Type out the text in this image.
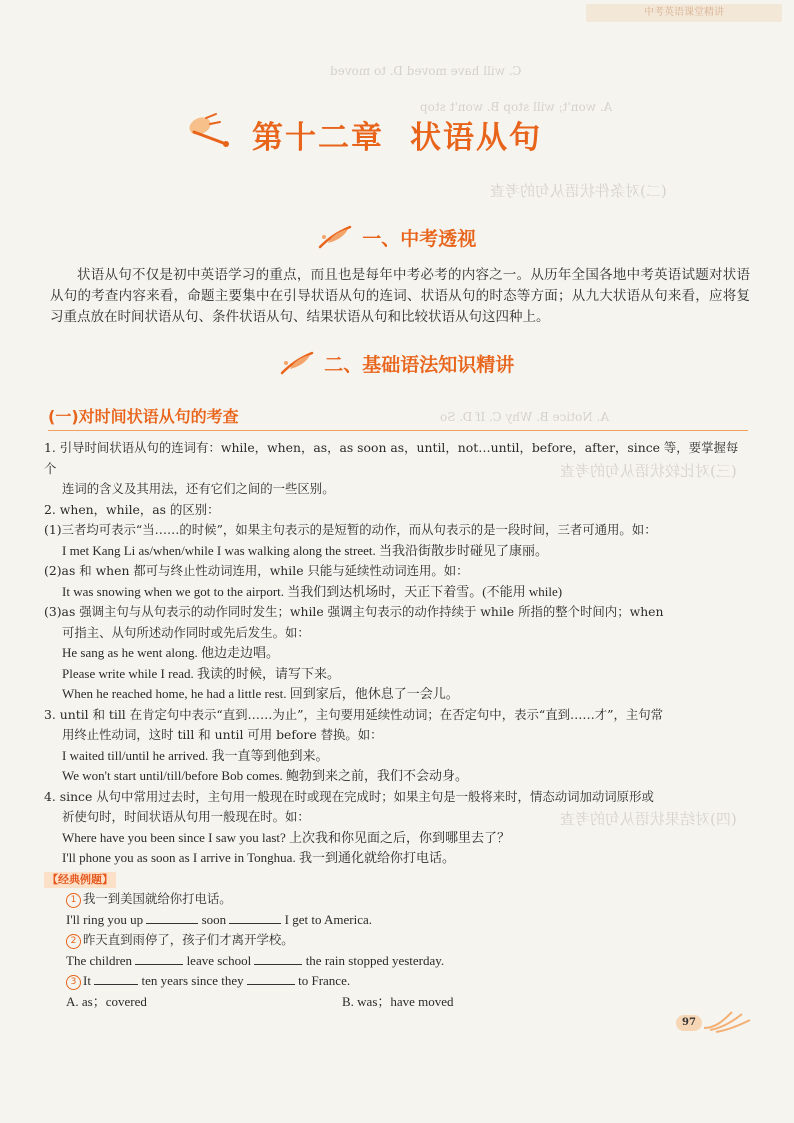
C. will have moved D. to moved
A. won't; will stop B. won't stop
(二)对条件状语从句的考查
A. Notice B. Why C. If D. So
(三)对比较状语从句的考查
(四)对结果状语从句的考查
中考英语课堂精讲
第十二章 状语从句
一、中考透视

状语从句不仅是初中英语学习的重点，而且也是每年中考必考的内容之一。从历年全国各地中考英语试题对状语从句的考查内容来看，命题主要集中在引导状语从句的连词、状语从句的时态等方面；从九大状语从句来看，应将复习重点放在时间状语从句、条件状语从句、结果状语从句和比较状语从句这四种上。

二、基础语法知识精讲
(一)对时间状语从句的考查
1. 引导时间状语从句的连词有：while，when，as，as soon as，until，not…until，before，after，since 等，要掌握每个
连词的含义及其用法，还有它们之间的一些区别。
2. when，while，as 的区别：
(1)三者均可表示“当……的时候”，如果主句表示的是短暂的动作，而从句表示的是一段时间，三者可通用。如：
I met Kang Li as/when/while I was walking along the street. 当我沿街散步时碰见了康丽。
(2)as 和 when 都可与终止性动词连用，while 只能与延续性动词连用。如：
It was snowing when we got to the airport. 当我们到达机场时，天正下着雪。(不能用 while)
(3)as 强调主句与从句表示的动作同时发生；while 强调主句表示的动作持续于 while 所指的整个时间内；when
可指主、从句所述动作同时或先后发生。如：
He sang as he went along. 他边走边唱。
Please write while I read. 我读的时候，请写下来。
When he reached home, he had a little rest. 回到家后，他休息了一会儿。
3. until 和 till 在肯定句中表示“直到……为止”，主句要用延续性动词；在否定句中，表示“直到……才”，主句常
用终止性动词，这时 till 和 until 可用 before 替换。如：
I waited till/until he arrived. 我一直等到他到来。
We won't start until/till/before Bob comes. 鲍勃到来之前，我们不会动身。
4. since 从句中常用过去时，主句用一般现在时或现在完成时；如果主句是一般将来时，情态动词加动词原形或
祈使句时，时间状语从句用一般现在时。如：
Where have you been since I saw you last? 上次我和你见面之后，你到哪里去了？
I'll phone you as soon as I arrive in Tonghua. 我一到通化就给你打电话。
【经典例题】
1 我一到美国就给你打电话。
I'll ring you up	soon	I get to America.
2 昨天直到雨停了，孩子们才离开学校。
The children	leave school	the rain stopped yesterday.
3 It	ten years since they	to France.
A. as；covered	B. was；have moved
97
